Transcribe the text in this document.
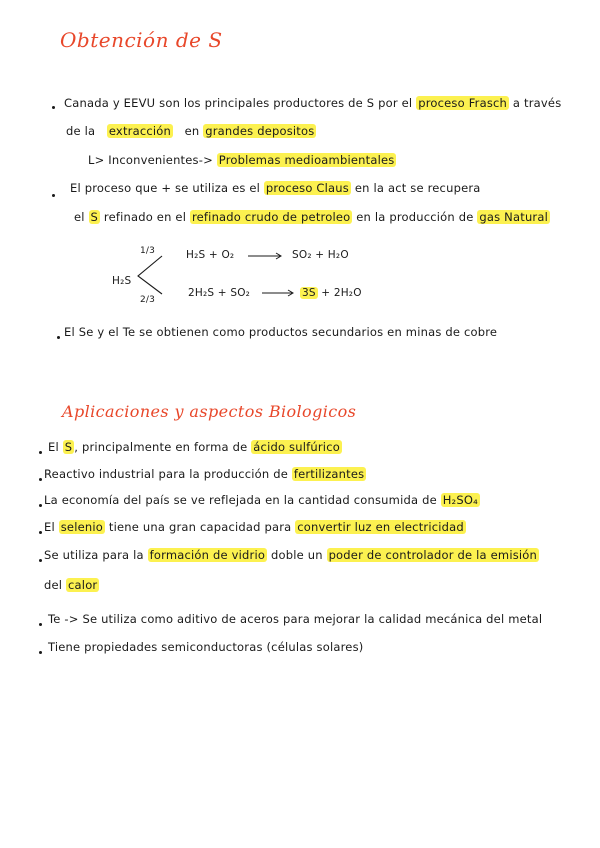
Obtención de S
Canada y EEVU son los principales productores de S por el proceso Frasch a través
de la extracción en grandes depositos
L> Inconvenientes-> Problemas medioambientales
El proceso que + se utiliza es el proceso Claus en la act se recupera
el S refinado en el refinado crudo de petroleo en la producción de gas Natural
H₂S
1/3
2/3
H₂S + O₂	SO₂ + H₂O
2H₂S + SO₂	3S + 2H₂O
El Se y el Te se obtienen como productos secundarios en minas de cobre
Aplicaciones y aspectos Biologicos
El S , principalmente en forma de ácido sulfúrico
Reactivo industrial para la producción de fertilizantes
La economía del país se ve reflejada en la cantidad consumida de H₂SO₄
El selenio tiene una gran capacidad para convertir luz en electricidad
Se utiliza para la formación de vidrio doble un poder de controlador de la emisión
del calor
Te -> Se utiliza como aditivo de aceros para mejorar la calidad mecánica del metal
Tiene propiedades semiconductoras (células solares)
